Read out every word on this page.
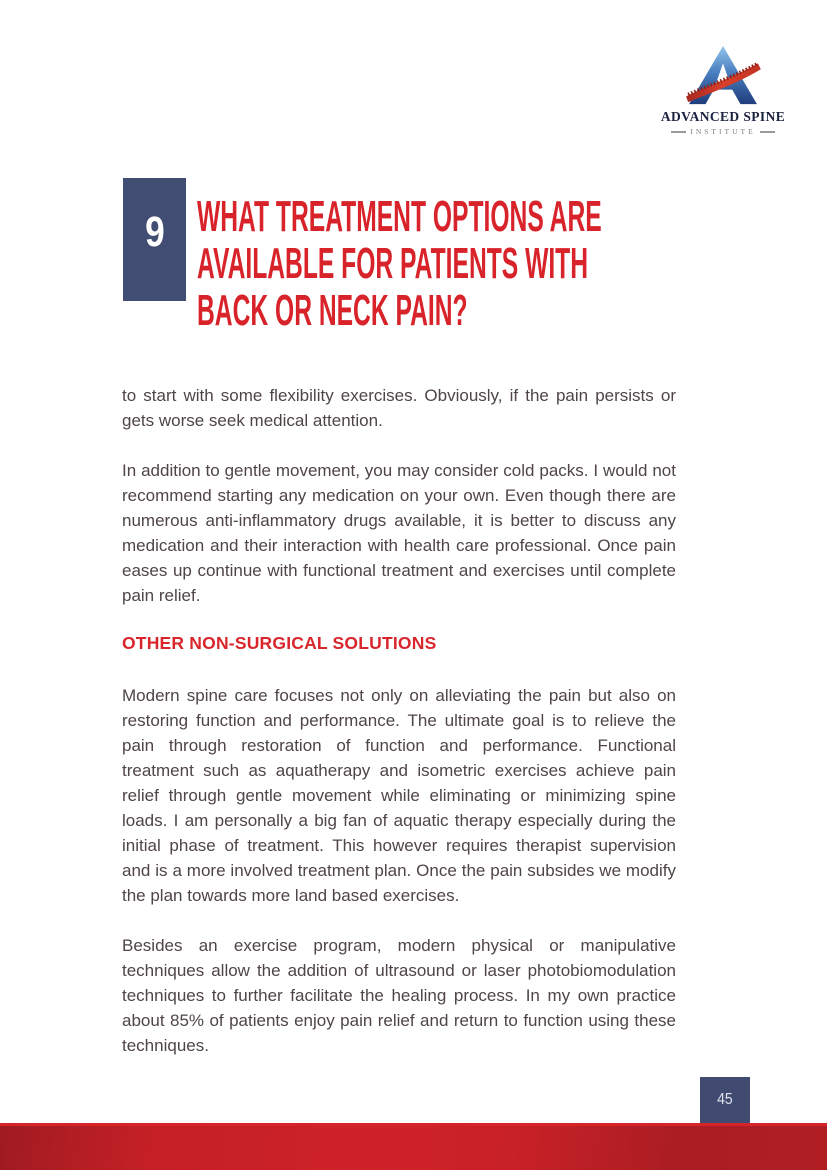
ADVANCED SPINE
INSTITUTE
9 WHAT TREATMENT OPTIONS ARE
AVAILABLE FOR PATIENTS WITH
BACK OR NECK PAIN?

to start with some flexibility exercises. Obviously, if the pain persists or gets worse seek medical attention.

In addition to gentle movement, you may consider cold packs. I would not recommend starting any medication on your own. Even though there are numerous anti-inflammatory drugs available, it is better to discuss any medication and their interaction with health care professional. Once pain eases up continue with functional treatment and exercises until complete pain relief.

OTHER NON-SURGICAL SOLUTIONS

Modern spine care focuses not only on alleviating the pain but also on restoring function and performance. The ultimate goal is to relieve the pain through restoration of function and performance. Functional treatment such as aquatherapy and isometric exercises achieve pain relief through gentle movement while eliminating or minimizing spine loads. I am personally a big fan of aquatic therapy especially during the initial phase of treatment. This however requires therapist supervision and is a more involved treatment plan. Once the pain subsides we modify the plan towards more land based exercises.

Besides an exercise program, modern physical or manipulative techniques allow the addition of ultrasound or laser photobiomodulation techniques to further facilitate the healing process. In my own practice about 85% of patients enjoy pain relief and return to function using these techniques.

45
